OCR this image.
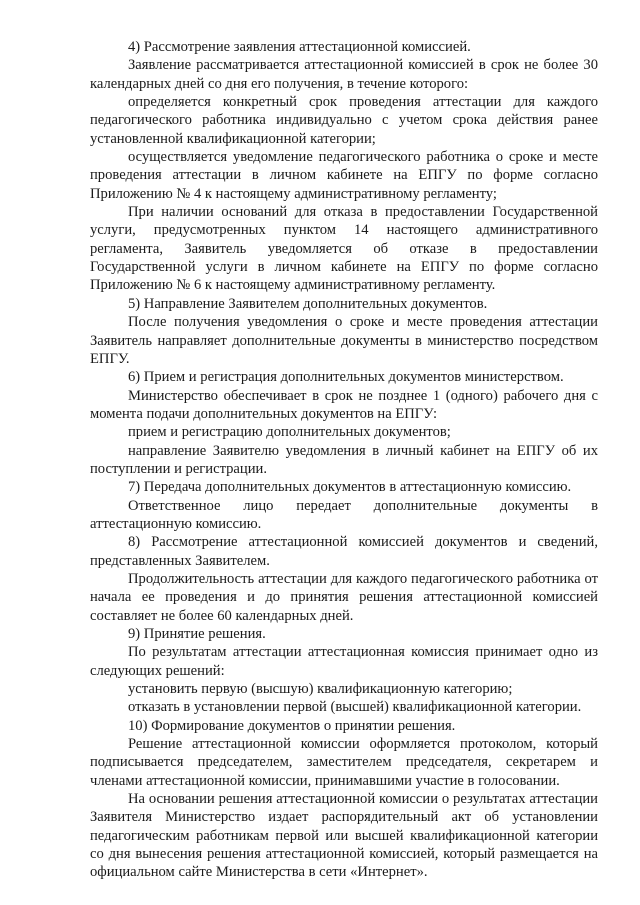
4) Рассмотрение заявления аттестационной комиссией.

Заявление рассматривается аттестационной комиссией в срок не более 30 календарных дней со дня его получения, в течение которого:

определяется конкретный срок проведения аттестации для каждого педагогического работника индивидуально с учетом срока действия ранее установленной квалификационной категории;

осуществляется уведомление педагогического работника о сроке и месте проведения аттестации в личном кабинете на ЕПГУ по форме согласно Приложению № 4 к настоящему административному регламенту;

При наличии оснований для отказа в предоставлении Государственной услуги, предусмотренных пунктом 14 настоящего административного регламента, Заявитель уведомляется об отказе в предоставлении Государственной услуги в личном кабинете на ЕПГУ по форме согласно Приложению № 6 к настоящему административному регламенту.

5) Направление Заявителем дополнительных документов.

После получения уведомления о сроке и месте проведения аттестации Заявитель направляет дополнительные документы в министерство посредством ЕПГУ.

6) Прием и регистрация дополнительных документов министерством.

Министерство обеспечивает в срок не позднее 1 (одного) рабочего дня с момента подачи дополнительных документов на ЕПГУ:

прием и регистрацию дополнительных документов;

направление Заявителю уведомления в личный кабинет на ЕПГУ об их поступлении и регистрации.

7) Передача дополнительных документов в аттестационную комиссию.

Ответственное лицо передает дополнительные документы в аттестационную комиссию.

8) Рассмотрение аттестационной комиссией документов и сведений, представленных Заявителем.

Продолжительность аттестации для каждого педагогического работника от начала ее проведения и до принятия решения аттестационной комиссией составляет не более 60 календарных дней.

9) Принятие решения.

По результатам аттестации аттестационная комиссия принимает одно из следующих решений:

установить первую (высшую) квалификационную категорию;

отказать в установлении первой (высшей) квалификационной категории.

10) Формирование документов о принятии решения.

Решение аттестационной комиссии оформляется протоколом, который подписывается председателем, заместителем председателя, секретарем и членами аттестационной комиссии, принимавшими участие в голосовании.

На основании решения аттестационной комиссии о результатах аттестации Заявителя Министерство издает распорядительный акт об установлении педагогическим работникам первой или высшей квалификационной категории со дня вынесения решения аттестационной комиссией, который размещается на официальном сайте Министерства в сети «Интернет».
